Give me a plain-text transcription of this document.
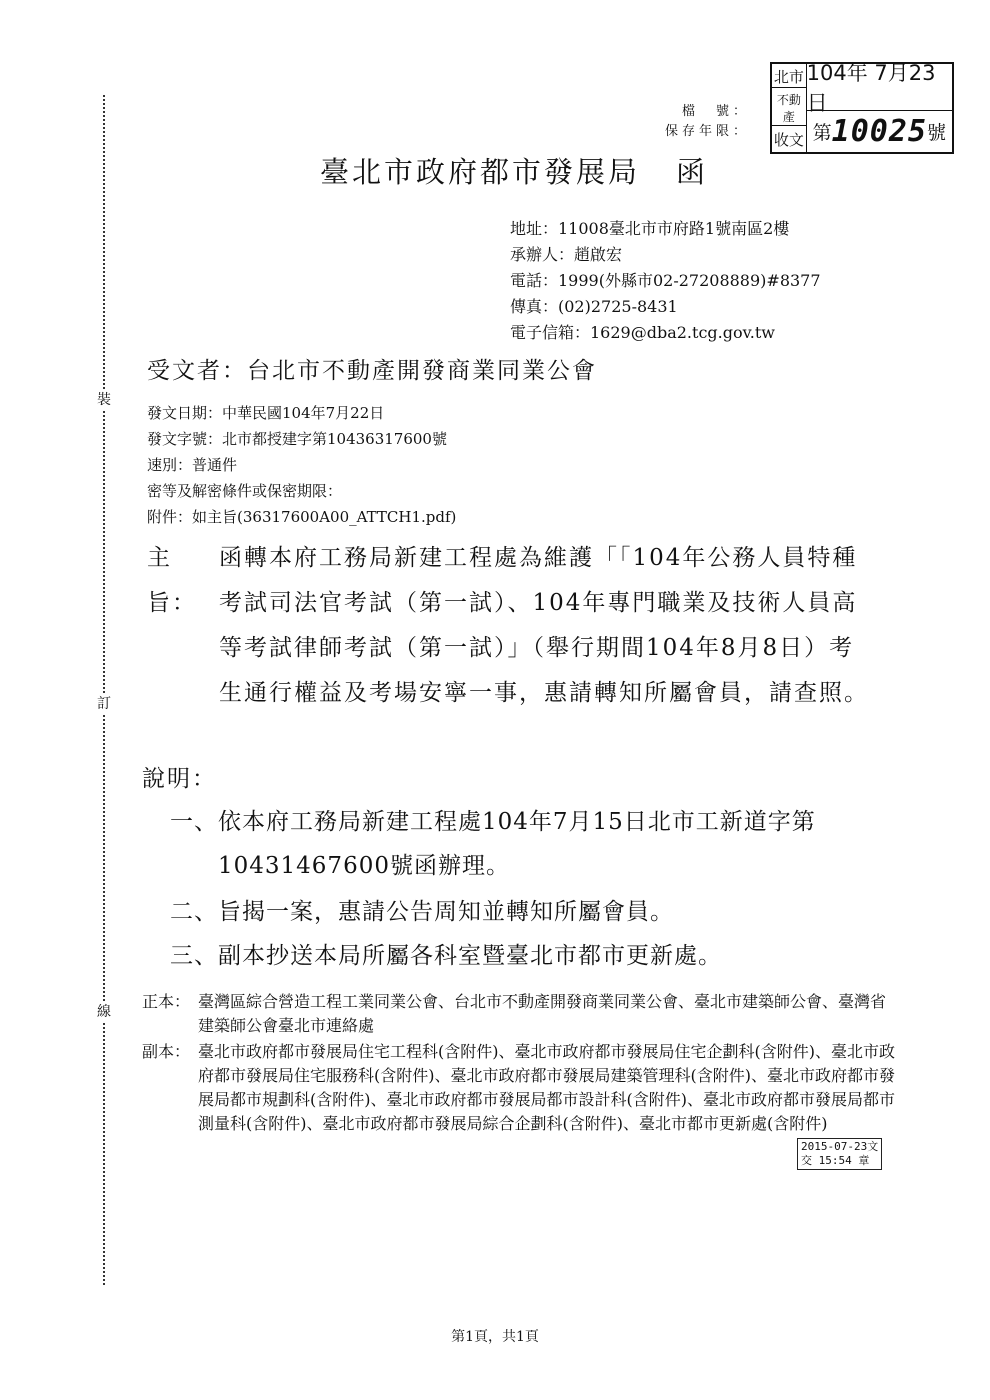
裝
訂
線
檔　號：
保存年限：
北市
不動產
收文
104年 7月23日
第 10025 號
臺北市政府都市發展局 函
地址：11008臺北市市府路1號南區2樓
承辦人：趙啟宏
電話：1999(外縣市02-27208889)#8377
傳真：(02)2725-8431
電子信箱：1629@dba2.tcg.gov.tw
受文者：台北市不動產開發商業同業公會
發文日期：中華民國104年7月22日
發文字號：北市都授建字第10436317600號
速別：普通件
密等及解密條件或保密期限：
附件：如主旨(36317600A00_ATTCH1.pdf)
主旨：
函轉本府工務局新建工程處為維護「「104年公務人員特種考試司法官考試（第一試）、104年專門職業及技術人員高等考試律師考試（第一試）」（舉行期間104年8月8日）考生通行權益及考場安寧一事，惠請轉知所屬會員，請查照。
說明：
一、 依本府工務局新建工程處104年7月15日北市工新道字第10431467600號函辦理。
二、 旨揭一案，惠請公告周知並轉知所屬會員。
三、 副本抄送本局所屬各科室暨臺北市都市更新處。
正本： 臺灣區綜合營造工程工業同業公會、台北市不動產開發商業同業公會、臺北市建築師公會、臺灣省建築師公會臺北市連絡處
副本： 臺北市政府都市發展局住宅工程科(含附件)、臺北市政府都市發展局住宅企劃科(含附件)、臺北市政府都市發展局住宅服務科(含附件)、臺北市政府都市發展局建築管理科(含附件)、臺北市政府都市發展局都市規劃科(含附件)、臺北市政府都市發展局都市設計科(含附件)、臺北市政府都市發展局都市測量科(含附件)、臺北市政府都市發展局綜合企劃科(含附件)、臺北市都市更新處(含附件)
2015-07-23文
交 15:54 章
第1頁，共1頁
